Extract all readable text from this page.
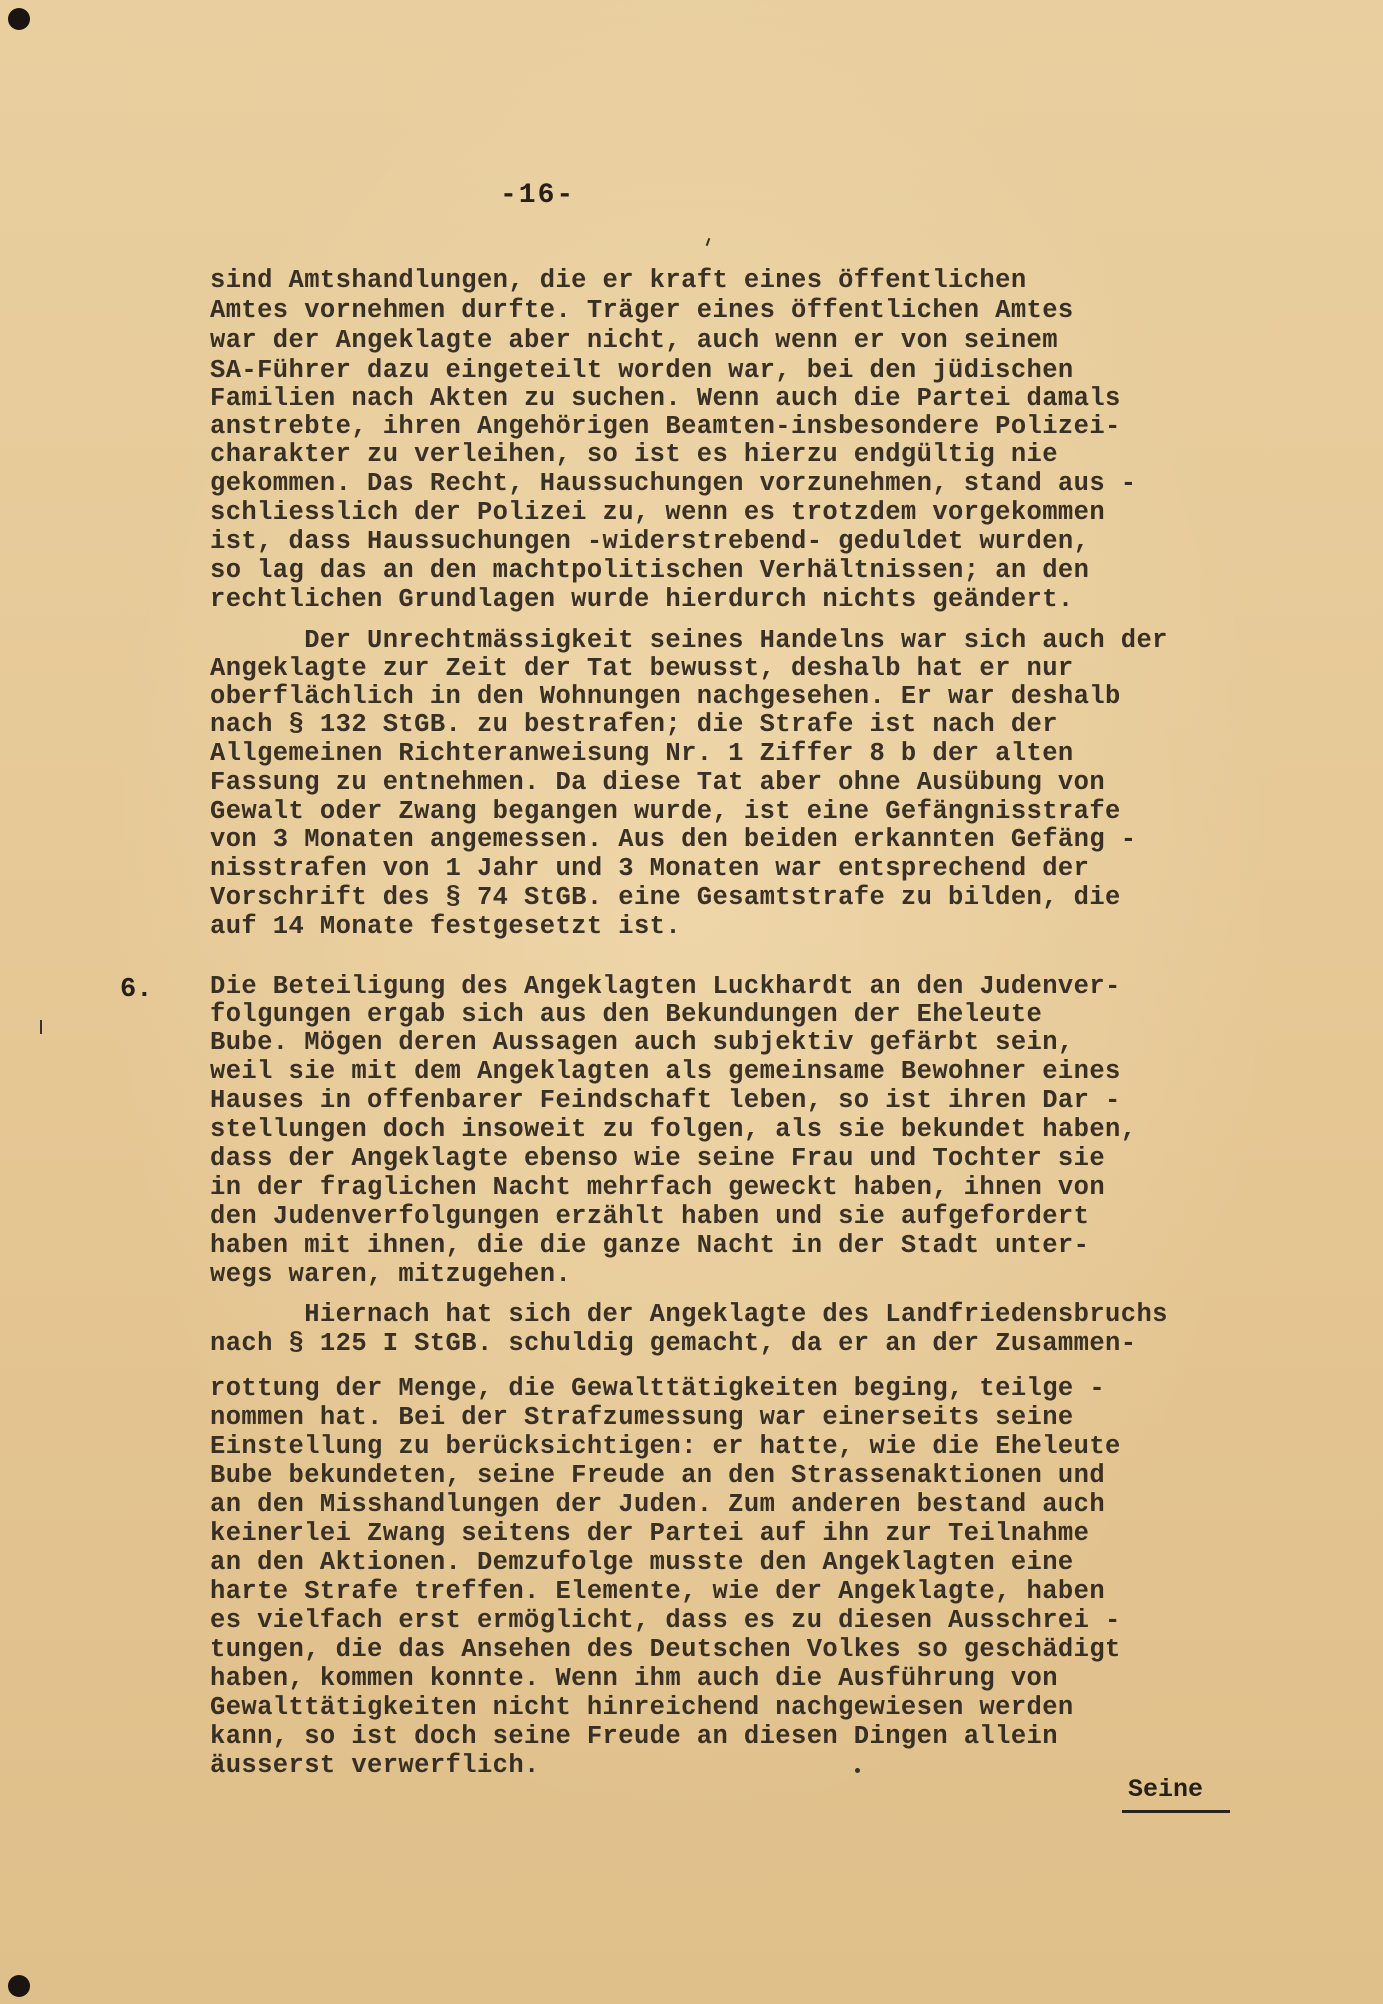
-16-
6.
sind Amtshandlungen, die er kraft eines öffentlichen
Amtes vornehmen durfte. Träger eines öffentlichen Amtes
war der Angeklagte aber nicht, auch wenn er von seinem
SA-Führer dazu eingeteilt worden war, bei den jüdischen
Familien nach Akten zu suchen. Wenn auch die Partei damals
anstrebte, ihren Angehörigen Beamten-insbesondere Polizei-
charakter zu verleihen, so ist es hierzu endgültig nie
gekommen. Das Recht, Haussuchungen vorzunehmen, stand aus -
schliesslich der Polizei zu, wenn es trotzdem vorgekommen
ist, dass Haussuchungen -widerstrebend- geduldet wurden,
so lag das an den machtpolitischen Verhältnissen; an den
rechtlichen Grundlagen wurde hierdurch nichts geändert.
Der Unrechtmässigkeit seines Handelns war sich auch der
Angeklagte zur Zeit der Tat bewusst, deshalb hat er nur
oberflächlich in den Wohnungen nachgesehen. Er war deshalb
nach § 132 StGB. zu bestrafen; die Strafe ist nach der
Allgemeinen Richteranweisung Nr. 1 Ziffer 8 b der alten
Fassung zu entnehmen. Da diese Tat aber ohne Ausübung von
Gewalt oder Zwang begangen wurde, ist eine Gefängnisstrafe
von 3 Monaten angemessen. Aus den beiden erkannten Gefäng -
nisstrafen von 1 Jahr und 3 Monaten war entsprechend der
Vorschrift des § 74 StGB. eine Gesamtstrafe zu bilden, die
auf 14 Monate festgesetzt ist.
Die Beteiligung des Angeklagten Luckhardt an den Judenver-
folgungen ergab sich aus den Bekundungen der Eheleute
Bube. Mögen deren Aussagen auch subjektiv gefärbt sein,
weil sie mit dem Angeklagten als gemeinsame Bewohner eines
Hauses in offenbarer Feindschaft leben, so ist ihren Dar -
stellungen doch insoweit zu folgen, als sie bekundet haben,
dass der Angeklagte ebenso wie seine Frau und Tochter sie
in der fraglichen Nacht mehrfach geweckt haben, ihnen von
den Judenverfolgungen erzählt haben und sie aufgefordert
haben mit ihnen, die die ganze Nacht in der Stadt unter-
wegs waren, mitzugehen.
Hiernach hat sich der Angeklagte des Landfriedensbruchs
nach § 125 I StGB. schuldig gemacht, da er an der Zusammen-
rottung der Menge, die Gewalttätigkeiten beging, teilge -
nommen hat. Bei der Strafzumessung war einerseits seine
Einstellung zu berücksichtigen: er hatte, wie die Eheleute
Bube bekundeten, seine Freude an den Strassenaktionen und
an den Misshandlungen der Juden. Zum anderen bestand auch
keinerlei Zwang seitens der Partei auf ihn zur Teilnahme
an den Aktionen. Demzufolge musste den Angeklagten eine
harte Strafe treffen. Elemente, wie der Angeklagte, haben
es vielfach erst ermöglicht, dass es zu diesen Ausschrei -
tungen, die das Ansehen des Deutschen Volkes so geschädigt
haben, kommen konnte. Wenn ihm auch die Ausführung von
Gewalttätigkeiten nicht hinreichend nachgewiesen werden
kann, so ist doch seine Freude an diesen Dingen allein
äusserst verwerflich.
Seine
